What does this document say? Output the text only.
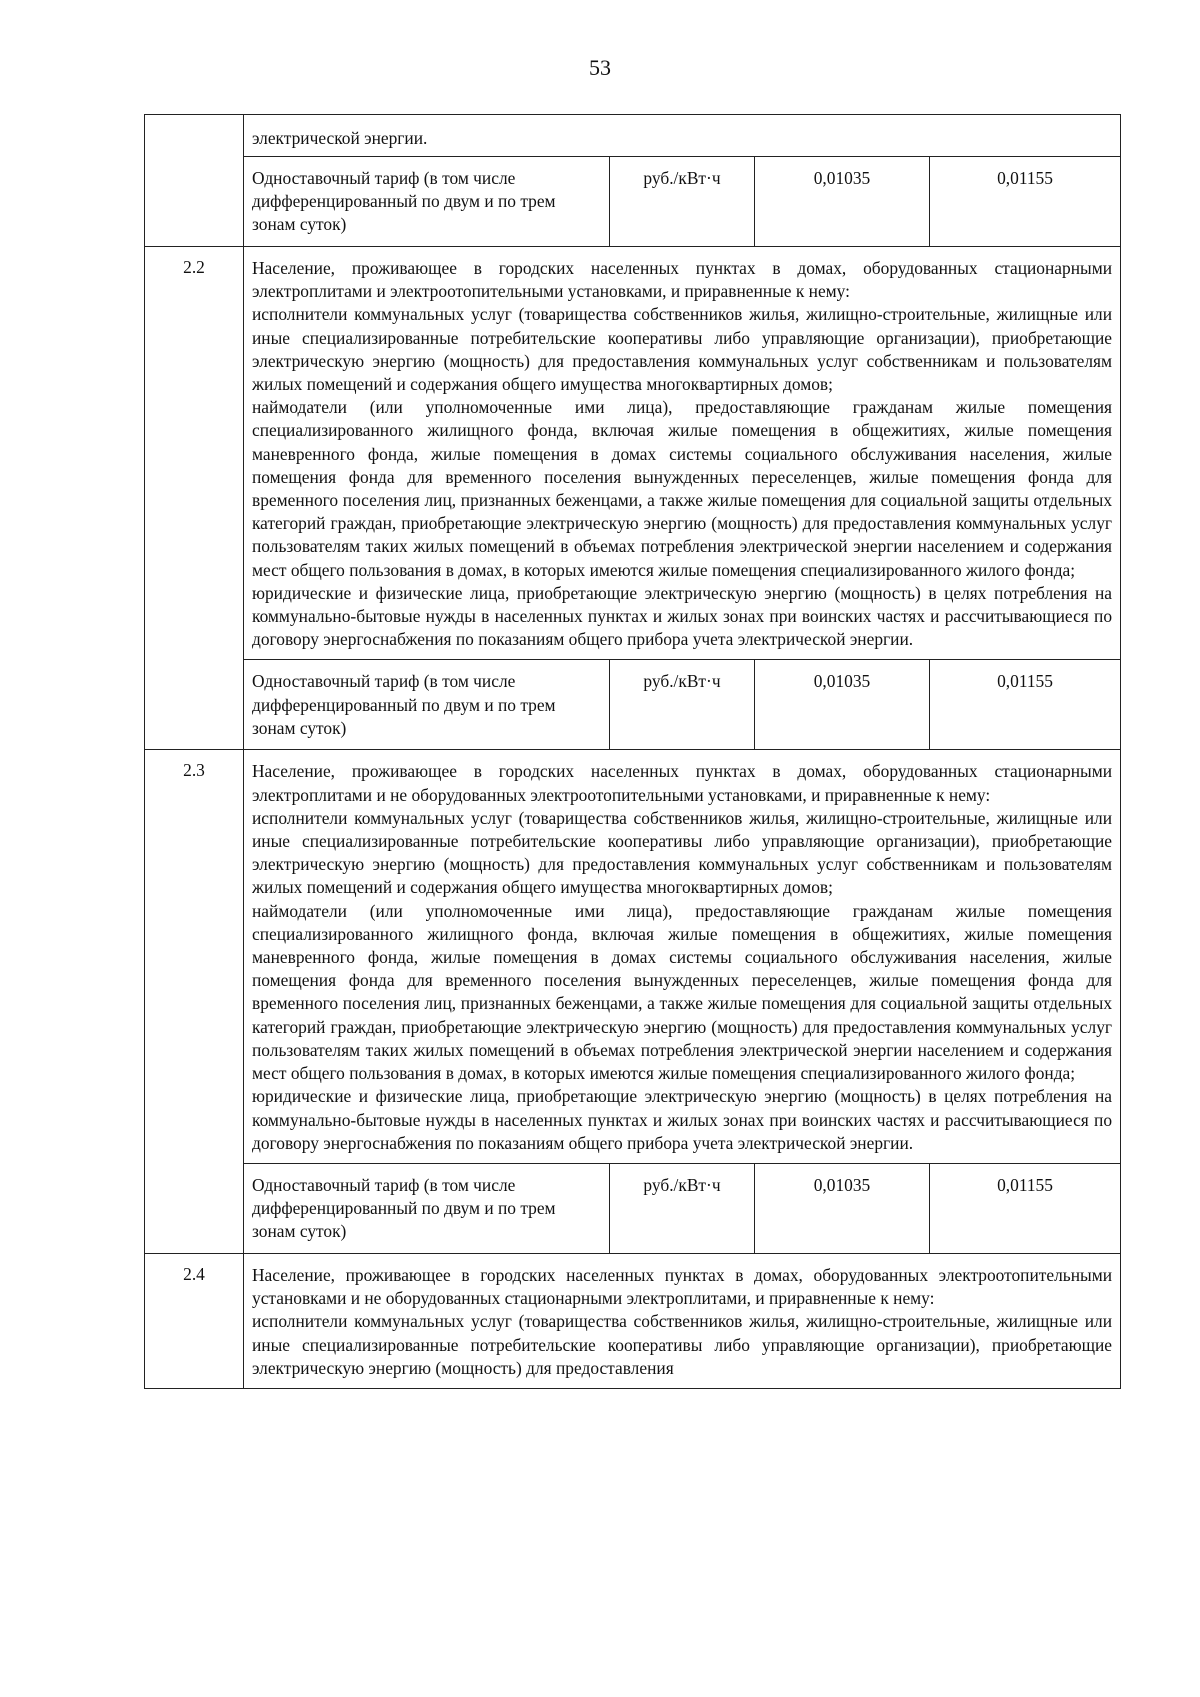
53

	электрической энергии.			

	Одноставочный тариф (в том числе дифференцированный по двум и по трем зонам суток)	руб./кВт·ч	0,01035	0,01155
2.2	Население, проживающее в городских населенных пунктах в домах, оборудованных стационарными электроплитами и электроотопительными установками, и приравненные к нему:

исполнители коммунальных услуг (товарищества собственников жилья, жилищно-строительные, жилищные или иные специализированные потребительские кооперативы либо управляющие организации), приобретающие электрическую энергию (мощность) для предоставления коммунальных услуг собственникам и пользователям жилых помещений и содержания общего имущества многоквартирных домов;

наймодатели (или уполномоченные ими лица), предоставляющие гражданам жилые помещения специализированного жилищного фонда, включая жилые помещения в общежитиях, жилые помещения маневренного фонда, жилые помещения в домах системы социального обслуживания населения, жилые помещения фонда для временного поселения вынужденных переселенцев, жилые помещения фонда для временного поселения лиц, признанных беженцами, а также жилые помещения для социальной защиты отдельных категорий граждан, приобретающие электрическую энергию (мощность) для предоставления коммунальных услуг пользователям таких жилых помещений в объемах потребления электрической энергии населением и содержания мест общего пользования в домах, в которых имеются жилые помещения специализированного жилого фонда;

юридические и физические лица, приобретающие электрическую энергию (мощность) в целях потребления на коммунально-бытовые нужды в населенных пунктах и жилых зонах при воинских частях и рассчитывающиеся по договору энергоснабжения по показаниям общего прибора учета электрической энергии.			

	Одноставочный тариф (в том числе дифференцированный по двум и по трем зонам суток)	руб./кВт·ч	0,01035	0,01155
2.3	Население, проживающее в городских населенных пунктах в домах, оборудованных стационарными электроплитами и не оборудованных электроотопительными установками, и приравненные к нему:

исполнители коммунальных услуг (товарищества собственников жилья, жилищно-строительные, жилищные или иные специализированные потребительские кооперативы либо управляющие организации), приобретающие электрическую энергию (мощность) для предоставления коммунальных услуг собственникам и пользователям жилых помещений и содержания общего имущества многоквартирных домов;

наймодатели (или уполномоченные ими лица), предоставляющие гражданам жилые помещения специализированного жилищного фонда, включая жилые помещения в общежитиях, жилые помещения маневренного фонда, жилые помещения в домах системы социального обслуживания населения, жилые помещения фонда для временного поселения вынужденных переселенцев, жилые помещения фонда для временного поселения лиц, признанных беженцами, а также жилые помещения для социальной защиты отдельных категорий граждан, приобретающие электрическую энергию (мощность) для предоставления коммунальных услуг пользователям таких жилых помещений в объемах потребления электрической энергии населением и содержания мест общего пользования в домах, в которых имеются жилые помещения специализированного жилого фонда;

юридические и физические лица, приобретающие электрическую энергию (мощность) в целях потребления на коммунально-бытовые нужды в населенных пунктах и жилых зонах при воинских частях и рассчитывающиеся по договору энергоснабжения по показаниям общего прибора учета электрической энергии.			

	Одноставочный тариф (в том числе дифференцированный по двум и по трем зонам суток)	руб./кВт·ч	0,01035	0,01155
2.4	Население, проживающее в городских населенных пунктах в домах, оборудованных электроотопительными установками и не оборудованных стационарными электроплитами, и приравненные к нему:

исполнители коммунальных услуг (товарищества собственников жилья, жилищно-строительные, жилищные или иные специализированные потребительские кооперативы либо управляющие организации), приобретающие электрическую энергию (мощность) для предоставления			
